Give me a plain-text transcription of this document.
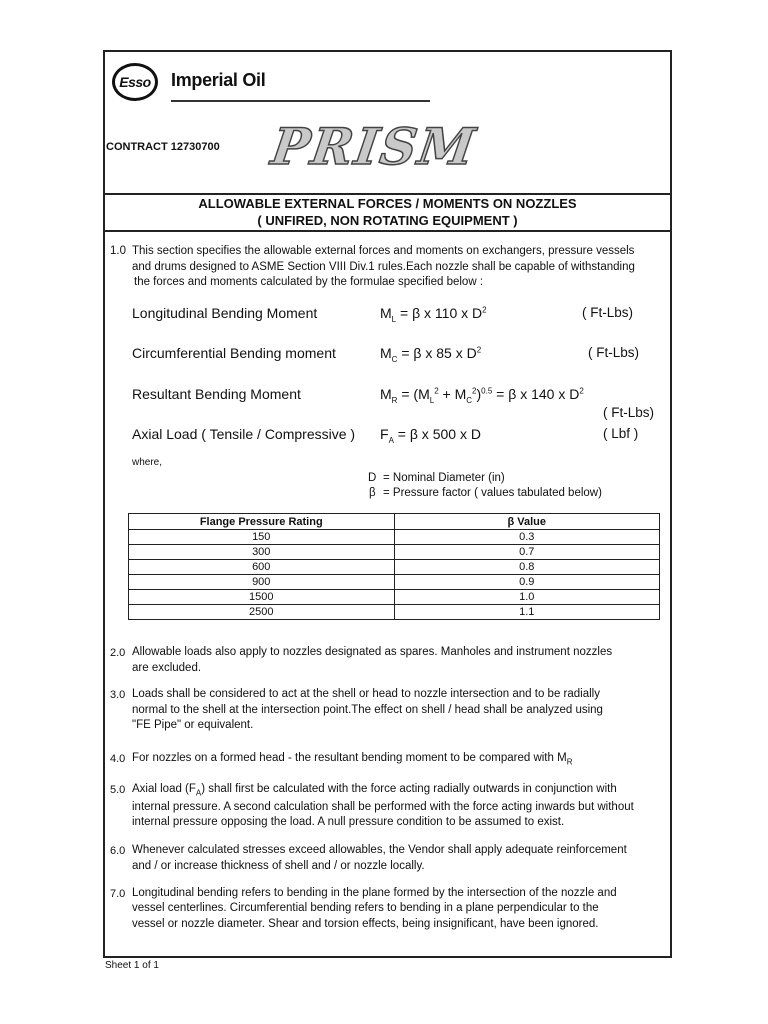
Esso Imperial Oil
CONTRACT 12730700 PRISM
ALLOWABLE EXTERNAL FORCES / MOMENTS ON NOZZLES
( UNFIRED, NON ROTATING EQUIPMENT )
1.0 This section specifies the allowable external forces and moments on exchangers, pressure vessels
and drums designed to ASME Section VIII Div.1 rules.Each nozzle shall be capable of withstanding
the forces and moments calculated by the formulae specified below :
Longitudinal Bending Moment	$M_L = \beta$ x 110 x $D^2$	( Ft-Lbs)
Circumferential Bending moment	$M_C = \beta$ x 85 x $D^2$	( Ft-Lbs)
Resultant Bending Moment	$M_R = (M_L^2 + M_C^2)^{0.5} = \beta$ x 140 x $D^2$
( Ft-Lbs)
Axial Load ( Tensile / Compressive ) $F_A = \beta$ x 500 x D	( Lbf )
where,
D = Nominal Diameter (in)
β = Pressure factor ( values tabulated below)
Flange Pressure Rating	β Value
150	0.3
300	0.7
600	0.8
900	0.9
1500	1.0
2500	1.1
2.0 Allowable loads also apply to nozzles designated as spares. Manholes and instrument nozzles
are excluded.
3.0 Loads shall be considered to act at the shell or head to nozzle intersection and to be radially
normal to the shell at the intersection point.The effect on shell / head shall be analyzed using
"FE Pipe" or equivalent.
4.0 For nozzles on a formed head - the resultant bending moment to be compared with $M_R$
5.0 Axial load $(F_A)$ shall first be calculated with the force acting radially outwards in conjunction with
internal pressure. A second calculation shall be performed with the force acting inwards but without
internal pressure opposing the load. A null pressure condition to be assumed to exist.
6.0 Whenever calculated stresses exceed allowables, the Vendor shall apply adequate reinforcement
and / or increase thickness of shell and / or nozzle locally.
7.0 Longitudinal bending refers to bending in the plane formed by the intersection of the nozzle and
vessel centerlines. Circumferential bending refers to bending in a plane perpendicular to the
vessel or nozzle diameter. Shear and torsion effects, being insignificant, have been ignored.
Sheet 1 of 1
